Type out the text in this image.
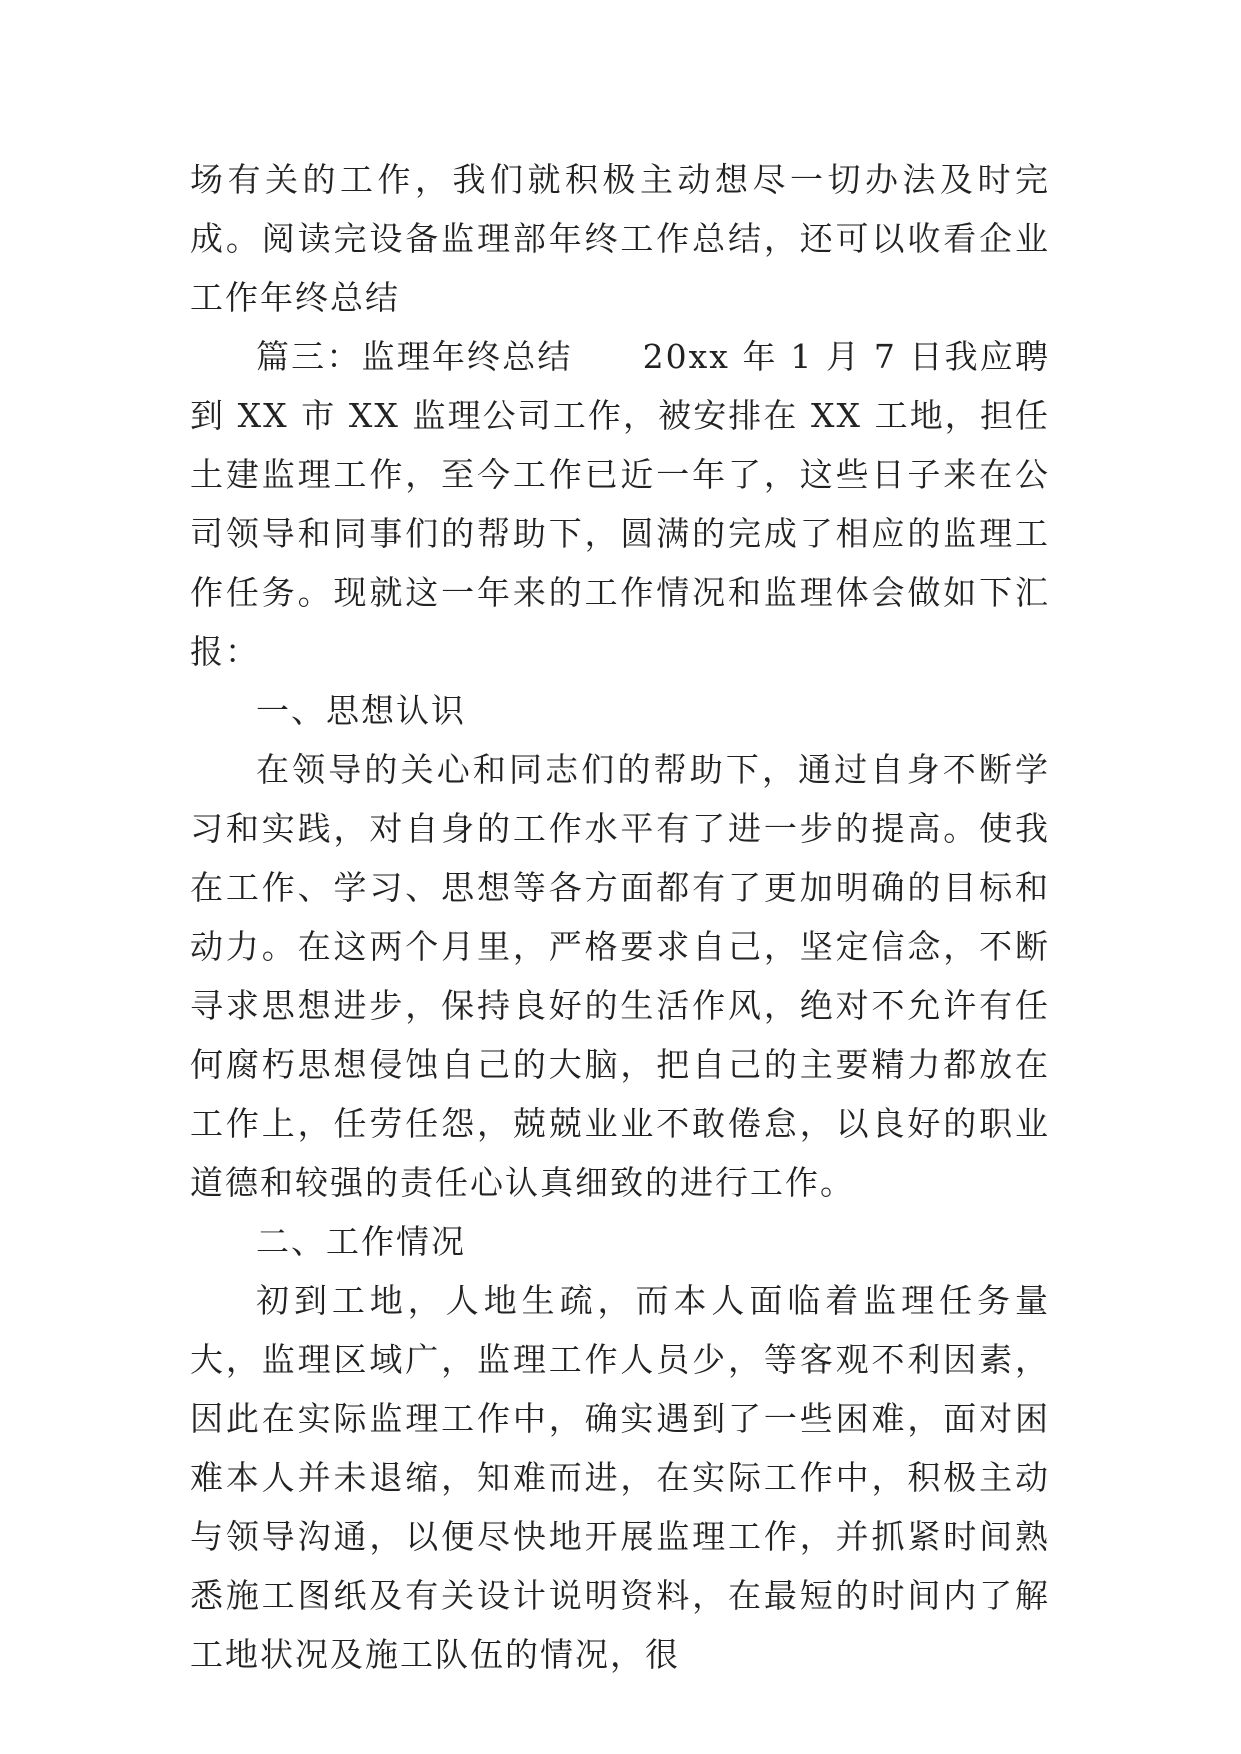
场有关的工作，我们就积极主动想尽一切办法及时完成。阅读完设备监理部年终工作总结，还可以收看企业工作年终总结

篇三：监理年终总结 20xx 年 1 月 7 日我应聘到 XX 市 XX 监理公司工作，被安排在 XX 工地，担任土建监理工作，至今工作已近一年了，这些日子来在公司领导和同事们的帮助下，圆满的完成了相应的监理工作任务。现就这一年来的工作情况和监理体会做如下汇报：

一、思想认识

在领导的关心和同志们的帮助下，通过自身不断学习和实践，对自身的工作水平有了进一步的提高。使我在工作、学习、思想等各方面都有了更加明确的目标和动力。在这两个月里，严格要求自己，坚定信念，不断寻求思想进步，保持良好的生活作风，绝对不允许有任何腐朽思想侵蚀自己的大脑，把自己的主要精力都放在工作上，任劳任怨，兢兢业业不敢倦怠，以良好的职业道德和较强的责任心认真细致的进行工作。

二、工作情况

初到工地，人地生疏，而本人面临着监理任务量大，监理区域广，监理工作人员少，等客观不利因素，因此在实际监理工作中，确实遇到了一些困难，面对困难本人并未退缩，知难而进，在实际工作中，积极主动与领导沟通，以便尽快地开展监理工作，并抓紧时间熟悉施工图纸及有关设计说明资料，在最短的时间内了解工地状况及施工队伍的情况，很
